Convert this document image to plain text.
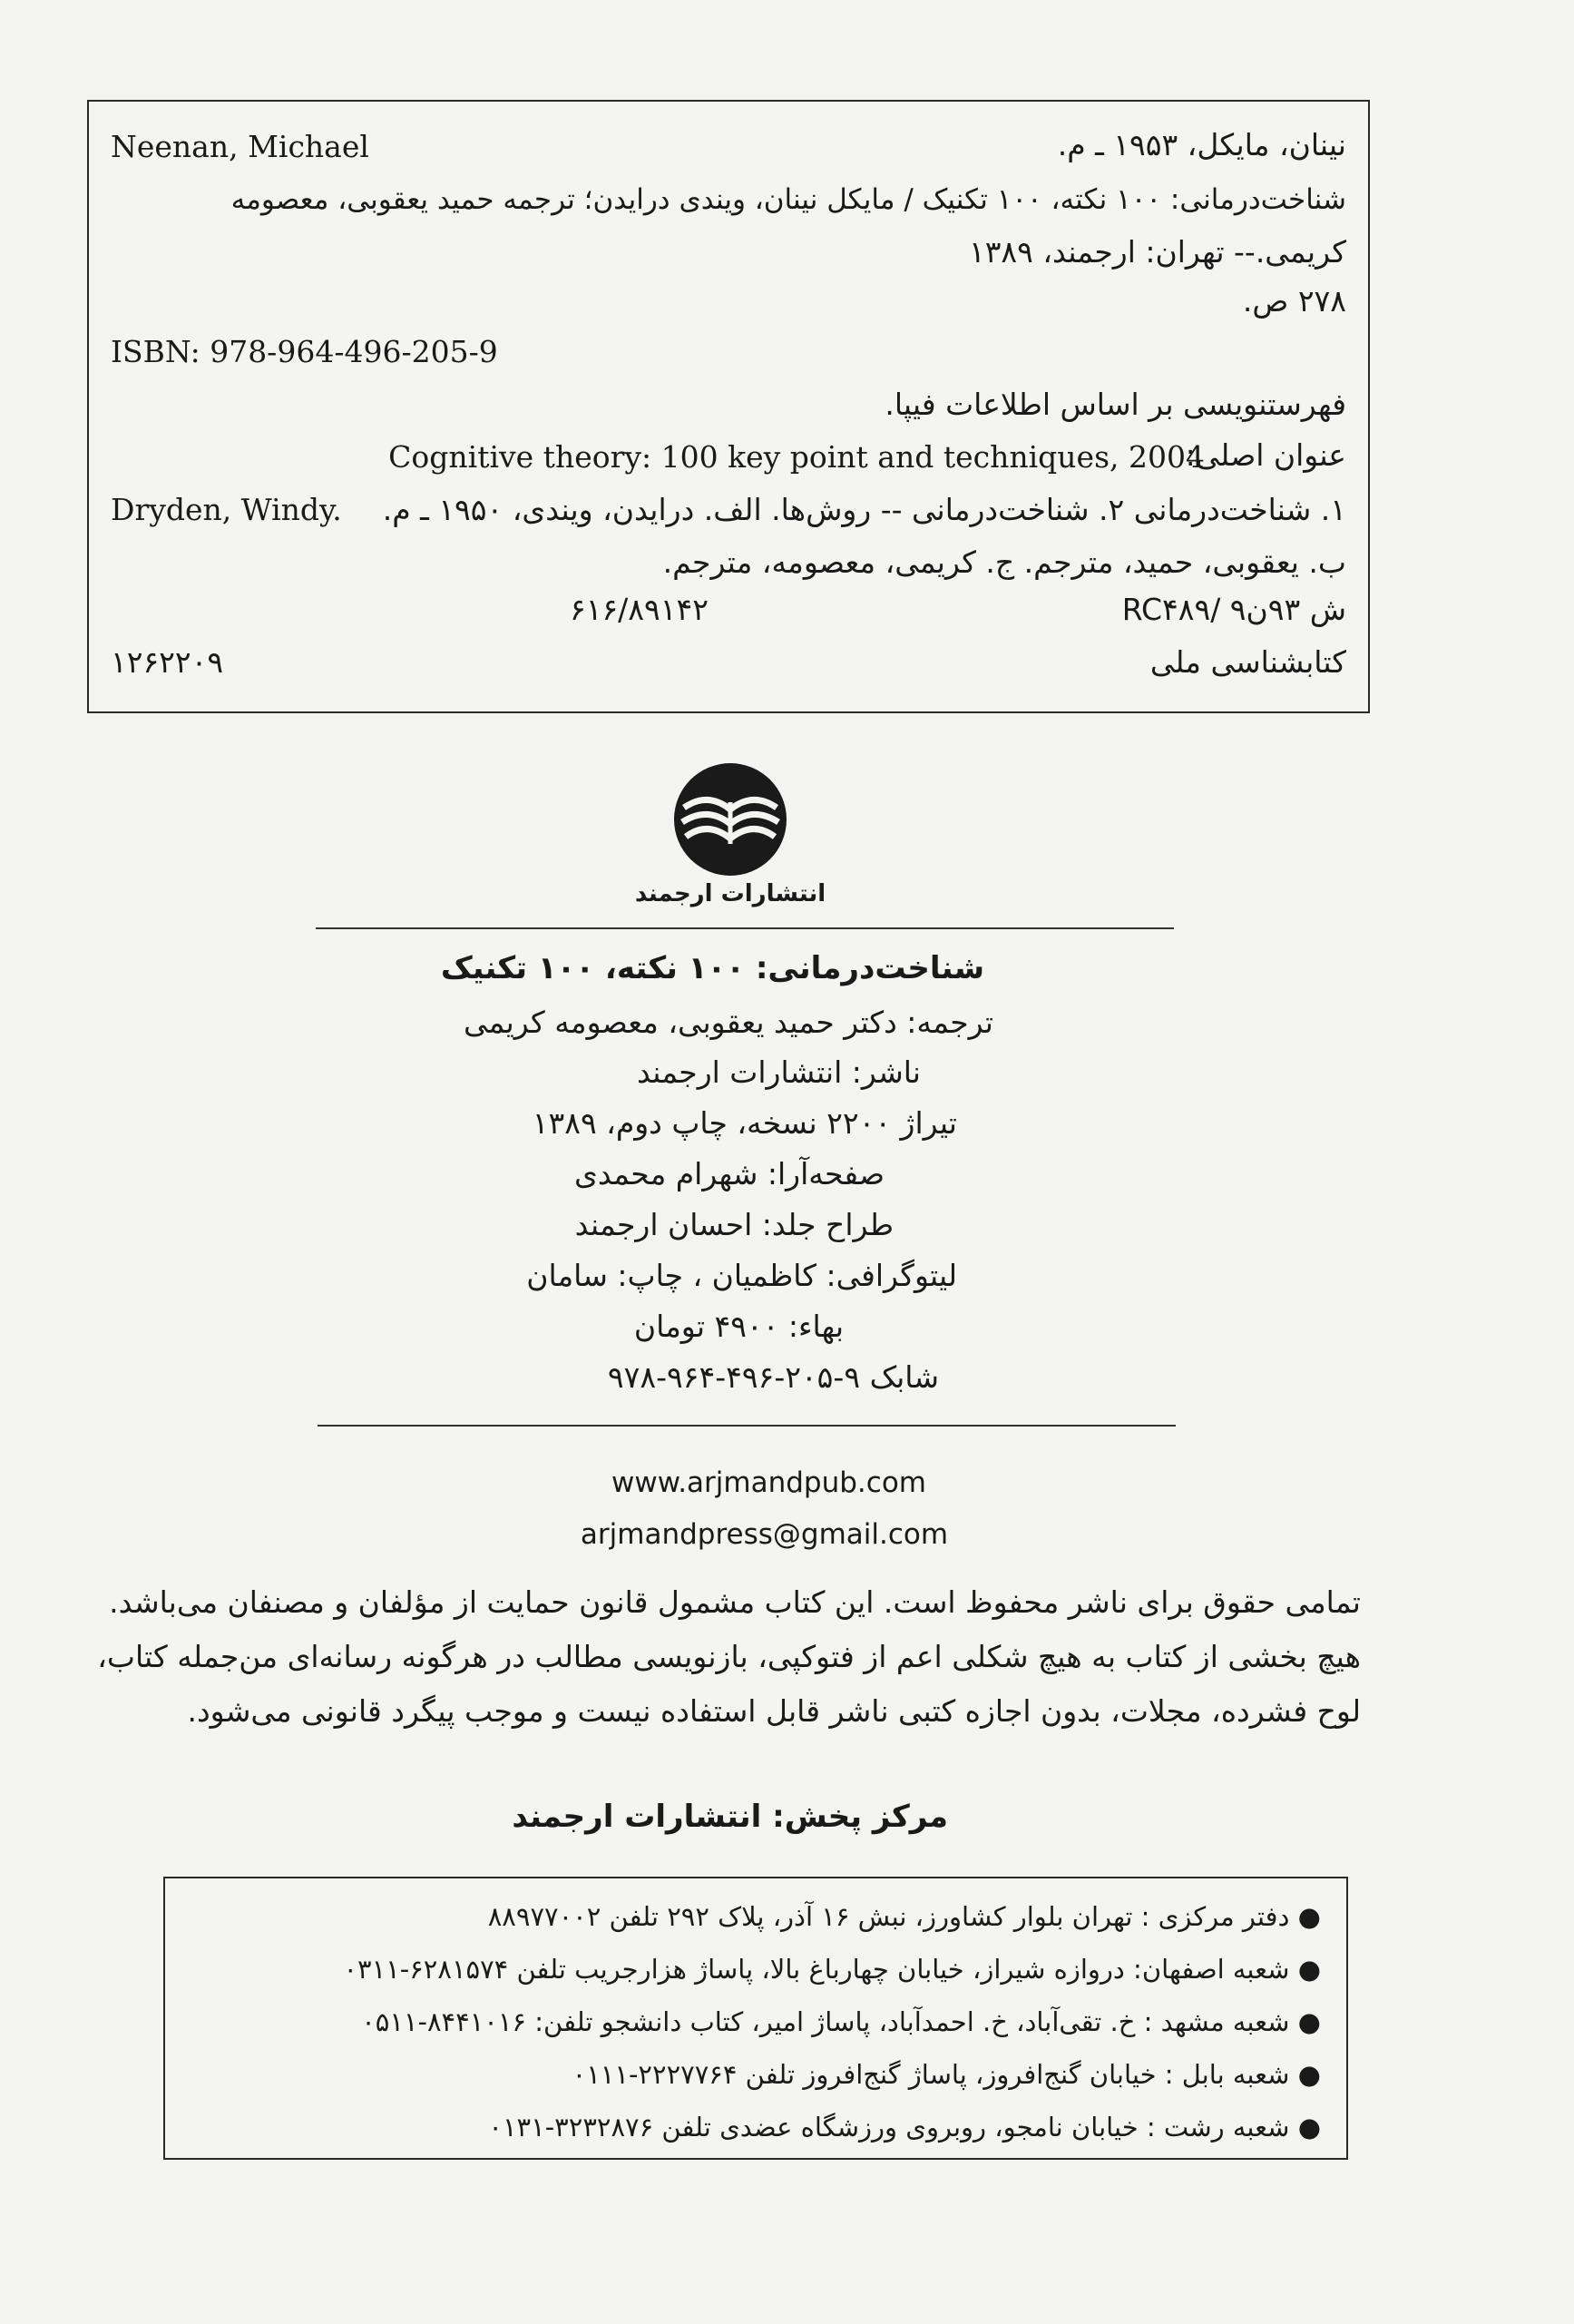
نینان، مایکل، ۱۹۵۳ ـ م.
Neenan, Michael
شناخت‌درمانی: ۱۰۰ نکته، ۱۰۰ تکنیک / مایکل نینان، ویندی درایدن؛ ترجمه حمید یعقوبی، معصومه
کریمی.-- تهران: ارجمند، ۱۳۸۹
۲۷۸ ص.
ISBN: 978-964-496-205-9
فهرستنویسی بر اساس اطلاعات فیپا.
عنوان اصلی:
Cognitive theory: 100 key point and techniques, 2004
۱. شناخت‌درمانی ۲. شناخت‌درمانی -- روش‌ها. الف. درایدن، ویندی، ۱۹۵۰ ـ م.
Dryden, Windy.
ب. یعقوبی، حمید، مترجم. ج. کریمی، معصومه، مترجم.
RC۴۸۹/ ۹ش ۹۳ن
۶۱۶/۸۹۱۴۲
کتابشناسی ملی
۱۲۶۲۲۰۹
انتشارات ارجمند
شناخت‌درمانی: ۱۰۰ نکته، ۱۰۰ تکنیک
ترجمه: دکتر حمید یعقوبی، معصومه کریمی
ناشر: انتشارات ارجمند
تیراژ ۲۲۰۰ نسخه، چاپ دوم، ۱۳۸۹
صفحه‌آرا: شهرام محمدی
طراح جلد: احسان ارجمند
لیتوگرافی: کاظمیان ، چاپ: سامان
بهاء: ۴۹۰۰ تومان
شابک ۹-۲۰۵-۴۹۶-۹۶۴-۹۷۸
www.arjmandpub.com
arjmandpress@gmail.com
تمامی حقوق برای ناشر محفوظ است. این کتاب مشمول قانون حمایت از مؤلفان و مصنفان می‌باشد.
هیچ بخشی از کتاب به هیچ شکلی اعم از فتوکپی، بازنویسی مطالب در هرگونه رسانه‌ای من‌جمله کتاب،
لوح فشرده، مجلات، بدون اجازه کتبی ناشر قابل استفاده نیست و موجب پیگرد قانونی می‌شود.
مرکز پخش: انتشارات ارجمند
● دفتر مرکزی : تهران بلوار کشاورز، نبش ۱۶ آذر، پلاک ۲۹۲ تلفن ۸۸۹۷۷۰۰۲
● شعبه اصفهان: دروازه شیراز، خیابان چهارباغ بالا، پاساژ هزارجریب تلفن ۶۲۸۱۵۷۴-۰۳۱۱
● شعبه مشهد : خ. تقی‌آباد، خ. احمدآباد، پاساژ امیر، کتاب دانشجو تلفن: ۸۴۴۱۰۱۶-۰۵۱۱
● شعبه بابل : خیابان گنج‌افروز، پاساژ گنج‌افروز تلفن ۲۲۲۷۷۶۴-۰۱۱۱
● شعبه رشت : خیابان نامجو، روبروی ورزشگاه عضدی تلفن ۳۲۳۲۸۷۶-۰۱۳۱
